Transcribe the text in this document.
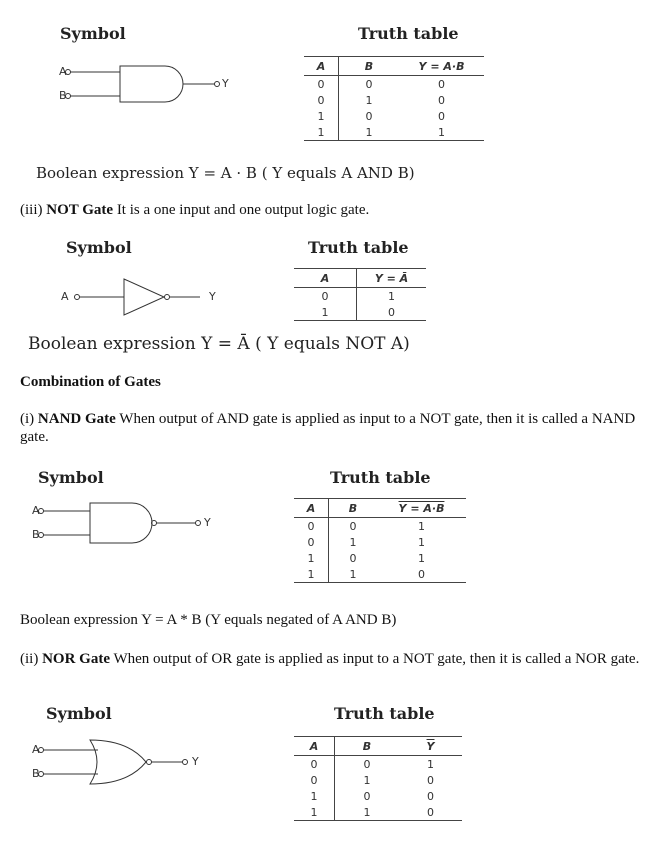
Symbol	Truth table
A
B
Y
A	B	Y = A·B
0	0	0
0	1	0
1	0	0
1	1	1
Boolean expression Y = A · B ( Y equals A AND B)
(iii) NOT Gate It is a one input and one output logic gate.
Symbol	Truth table
A	Y
A	Y = Ā
0	1
1	0
Boolean expression Y = Ā ( Y equals NOT A)
Combination of Gates
(i) NAND Gate When output of AND gate is applied as input to a NOT gate, then it is called a NAND gate.
Symbol	Truth table
A
B
Y
A	B	Y = A·B
0	0	1
0	1	1
1	0	1
1	1	0
Boolean expression Y = A * B (Y equals negated of A AND B)
(ii) NOR Gate When output of OR gate is applied as input to a NOT gate, then it is called a NOR gate.
Symbol	Truth table
A
B
Y
A	B	$\overline{Y}$
0	0	1
0	1	0
1	0	0
1	1	0
